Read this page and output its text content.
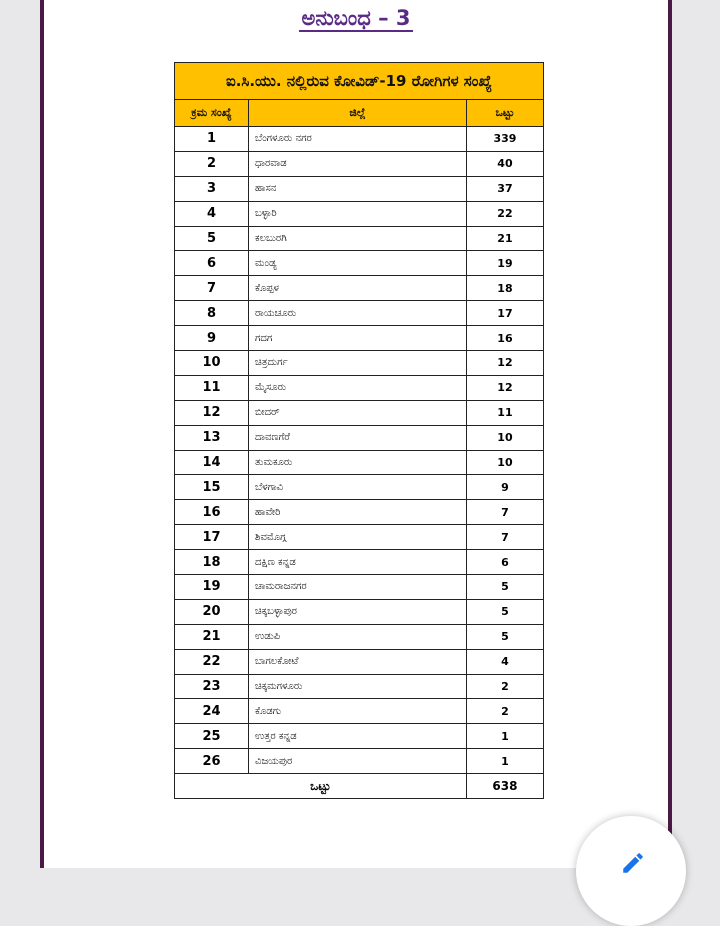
ಅನುಬಂಧ – 3
ಐ.ಸಿ.ಯು. ನಲ್ಲಿರುವ ಕೋವಿಡ್-19 ರೋಗಿಗಳ ಸಂಖ್ಯೆ		
ಕ್ರಮ ಸಂಖ್ಯೆ	ಜಿಲ್ಲೆ	ಒಟ್ಟು
1	ಬೆಂಗಳೂರು ನಗರ	339
2	ಧಾರವಾಡ	40
3	ಹಾಸನ	37
4	ಬಳ್ಳಾರಿ	22
5	ಕಲಬುರಗಿ	21
6	ಮಂಡ್ಯ	19
7	ಕೊಪ್ಪಳ	18
8	ರಾಯಚೂರು	17
9	ಗದಗ	16
10	ಚಿತ್ರದುರ್ಗ	12
11	ಮೈಸೂರು	12
12	ಬೀದರ್	11
13	ದಾವಣಗೆರೆ	10
14	ತುಮಕೂರು	10
15	ಬೆಳಗಾವಿ	9
16	ಹಾವೇರಿ	7
17	ಶಿವಮೊಗ್ಗ	7
18	ದಕ್ಷಿಣ ಕನ್ನಡ	6
19	ಚಾಮರಾಜನಗರ	5
20	ಚಿಕ್ಕಬಳ್ಳಾಪುರ	5
21	ಉಡುಪಿ	5
22	ಬಾಗಲಕೋಟೆ	4
23	ಚಿಕ್ಕಮಗಳೂರು	2
24	ಕೊಡಗು	2
25	ಉತ್ತರ ಕನ್ನಡ	1
26	ವಿಜಯಪುರ	1
ಒಟ್ಟು		638
